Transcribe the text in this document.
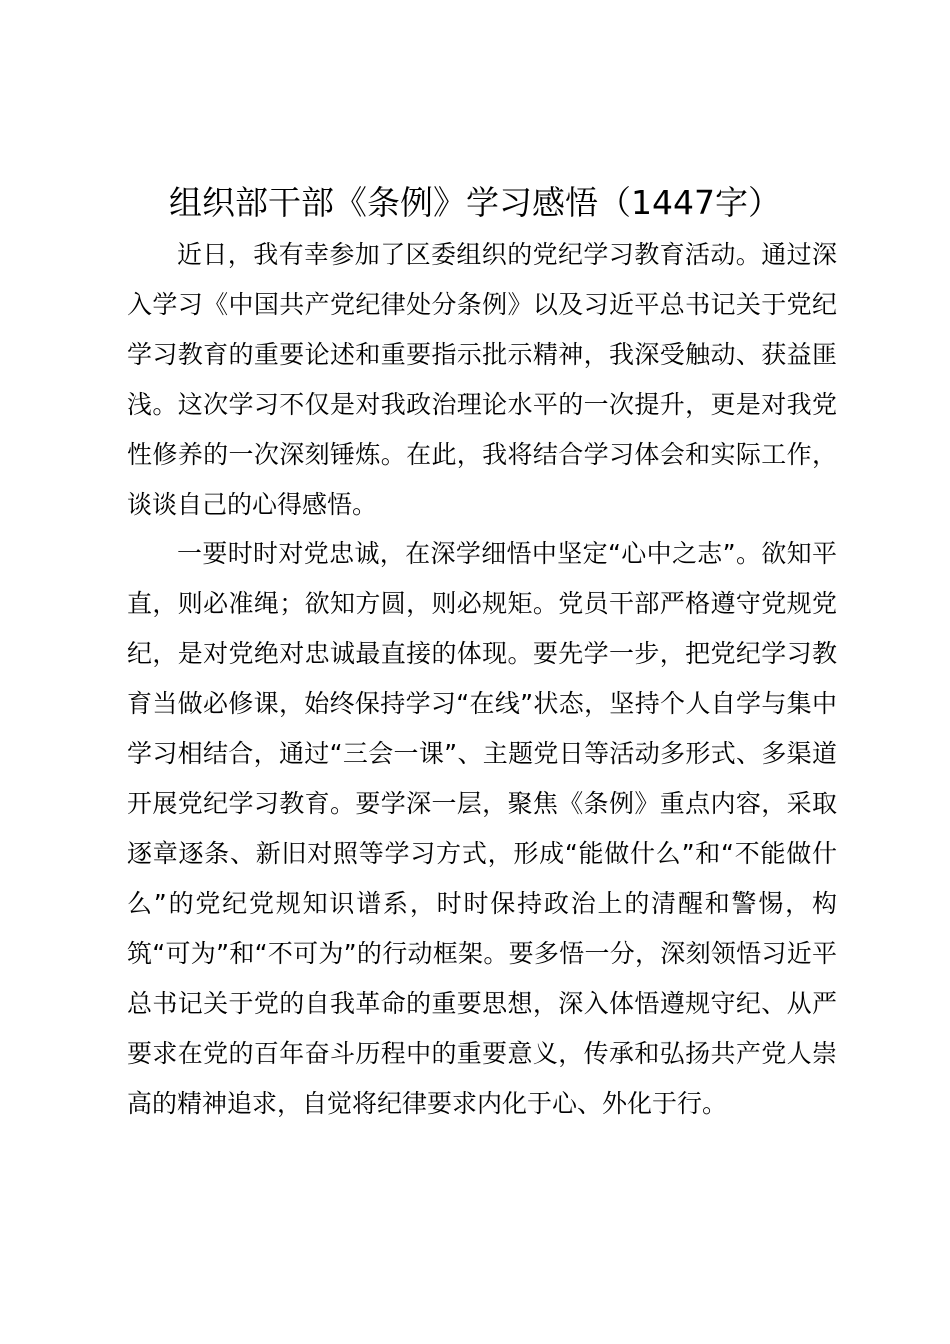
组织部干部《条例》学习感悟（1447字）

近日，我有幸参加了区委组织的党纪学习教育活动。通过深入学习《中国共产党纪律处分条例》以及习近平总书记关于党纪学习教育的重要论述和重要指示批示精神，我深受触动、获益匪浅。这次学习不仅是对我政治理论水平的一次提升，更是对我党性修养的一次深刻锤炼。在此，我将结合学习体会和实际工作，谈谈自己的心得感悟。

一要时时对党忠诚，在深学细悟中坚定“心中之志”。欲知平直，则必准绳；欲知方圆，则必规矩。党员干部严格遵守党规党纪，是对党绝对忠诚最直接的体现。要先学一步，把党纪学习教育当做必修课，始终保持学习“在线”状态，坚持个人自学与集中学习相结合，通过“三会一课”、主题党日等活动多形式、多渠道开展党纪学习教育。要学深一层，聚焦《条例》重点内容，采取逐章逐条、新旧对照等学习方式，形成“能做什么”和“不能做什么”的党纪党规知识谱系，时时保持政治上的清醒和警惕，构筑“可为”和“不可为”的行动框架。要多悟一分，深刻领悟习近平总书记关于党的自我革命的重要思想，深入体悟遵规守纪、从严要求在党的百年奋斗历程中的重要意义，传承和弘扬共产党人崇高的精神追求，自觉将纪律要求内化于心、外化于行。
